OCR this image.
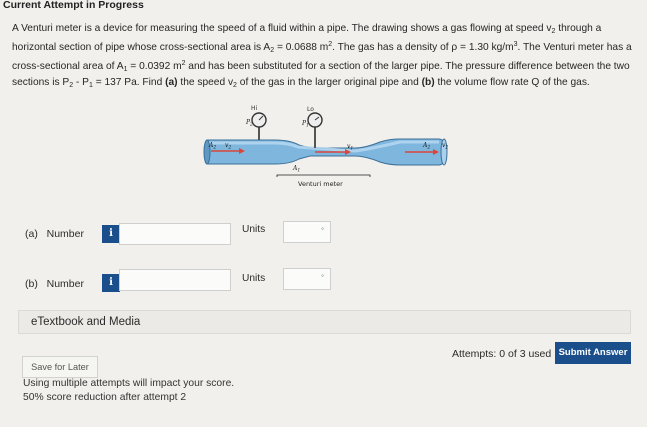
Current Attempt in Progress
A Venturi meter is a device for measuring the speed of a fluid within a pipe. The drawing shows a gas flowing at speed $v_2$ through a horizontal section of pipe whose cross-sectional area is $A_2 = 0.0688$ $m^2$. The gas has a density of ρ = 1.30 $kg/m^3$. The Venturi meter has a cross-sectional area of $A_1 = 0.0392$ $m^2$ and has been substituted for a section of the larger pipe. The pressure difference between the two sections is $P_2 - P_1 = 137$ Pa. Find (a) the speed $v_2$ of the gas in the larger original pipe and (b) the volume flow rate Q of the gas.
Hi	Lo
$P_2$	$P_1$
$A_2$ $v_2$	$v_1$	$A_2$ $v_2$
$A_1$
Venturi meter
(a) Number	i	Units	◦
(b) Number	i	Units	◦
eTextbook and Media
Save for Later
Attempts: 0 of 3 used Submit Answer
Using multiple attempts will impact your score.
50% score reduction after attempt 2
